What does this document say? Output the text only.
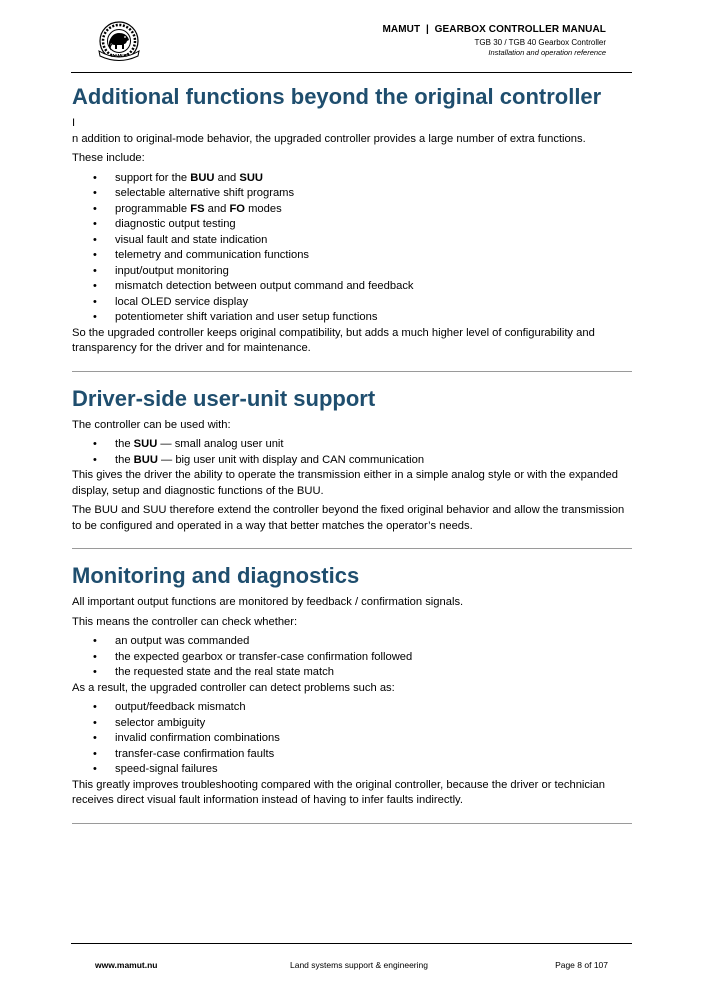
MAMUT
MAMUT  |  GEARBOX CONTROLLER MANUAL
TGB 30 / TGB 40 Gearbox Controller
Installation and operation reference
Additional functions beyond the original controller

I

n addition to original-mode behavior, the upgraded controller provides a large number of extra functions.

These include:

• support for the BUU and SUU
• selectable alternative shift programs
• programmable FS and FO modes
• diagnostic output testing
• visual fault and state indication
• telemetry and communication functions
• input/output monitoring
• mismatch detection between output command and feedback
• local OLED service display
• potentiometer shift variation and user setup functions

So the upgraded controller keeps original compatibility, but adds a much higher level of configurability and transparency for the driver and for maintenance.

Driver-side user-unit support

The controller can be used with:

• the SUU — small analog user unit
• the BUU — big user unit with display and CAN communication

This gives the driver the ability to operate the transmission either in a simple analog style or with the expanded display, setup and diagnostic functions of the BUU.

The BUU and SUU therefore extend the controller beyond the fixed original behavior and allow the transmission to be configured and operated in a way that better matches the operator’s needs.

Monitoring and diagnostics

All important output functions are monitored by feedback / confirmation signals.

This means the controller can check whether:

• an output was commanded
• the expected gearbox or transfer-case confirmation followed
• the requested state and the real state match

As a result, the upgraded controller can detect problems such as:

• output/feedback mismatch
• selector ambiguity
• invalid confirmation combinations
• transfer-case confirmation faults
• speed-signal failures

This greatly improves troubleshooting compared with the original controller, because the driver or technician receives direct visual fault information instead of having to infer faults indirectly.

www.mamut.nu	Land systems support & engineering	Page 8 of 107
